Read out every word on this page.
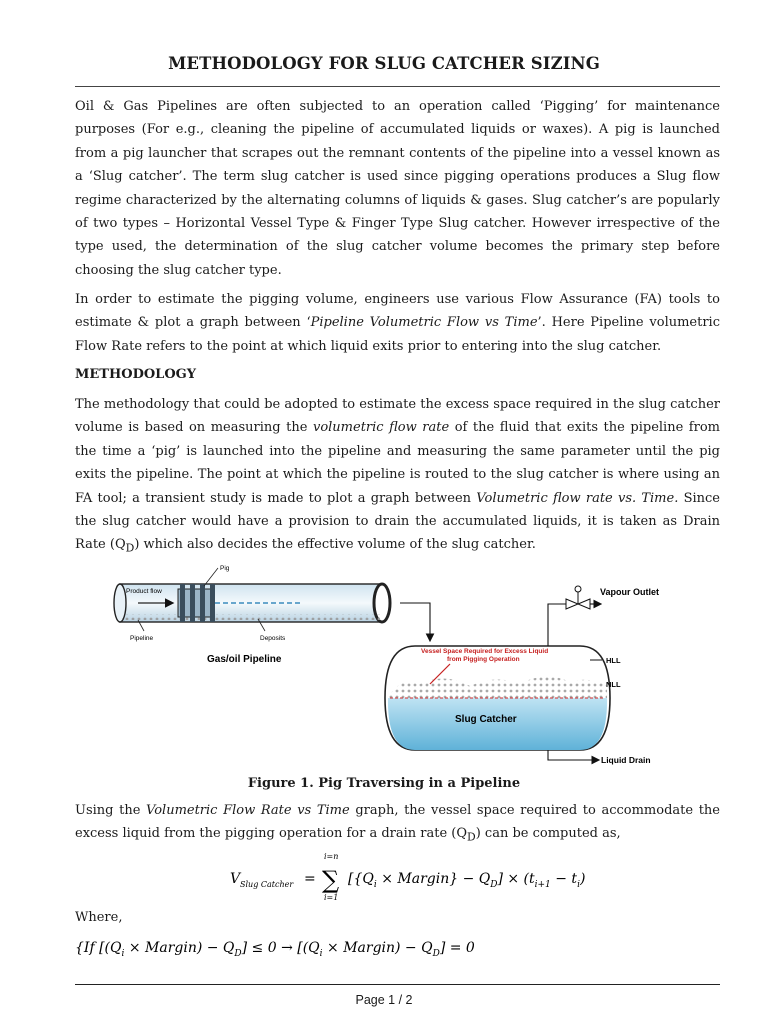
METHODOLOGY FOR SLUG CATCHER SIZING

Oil & Gas Pipelines are often subjected to an operation called ‘Pigging’ for maintenance purposes (For e.g., cleaning the pipeline of accumulated liquids or waxes). A pig is launched from a pig launcher that scrapes out the remnant contents of the pipeline into a vessel known as a ‘Slug catcher’. The term slug catcher is used since pigging operations produces a Slug flow regime characterized by the alternating columns of liquids & gases. Slug catcher’s are popularly of two types – Horizontal Vessel Type & Finger Type Slug catcher. However irrespective of the type used, the determination of the slug catcher volume becomes the primary step before choosing the slug catcher type.

In order to estimate the pigging volume, engineers use various Flow Assurance (FA) tools to estimate & plot a graph between ‘Pipeline Volumetric Flow vs Time’. Here Pipeline volumetric Flow Rate refers to the point at which liquid exits prior to entering into the slug catcher.

METHODOLOGY

The methodology that could be adopted to estimate the excess space required in the slug catcher volume is based on measuring the volumetric flow rate of the fluid that exits the pipeline from the time a ‘pig’ is launched into the pipeline and measuring the same parameter until the pig exits the pipeline. The point at which the pipeline is routed to the slug catcher is where using an FA tool; a transient study is made to plot a graph between Volumetric flow rate vs. Time. Since the slug catcher would have a provision to drain the accumulated liquids, it is taken as Drain Rate $(Q_D)$ which also decides the effective volume of the slug catcher.

Product flow
Pig
Pipeline	Deposits
Gas/oil Pipeline
Vessel Space Required for Excess Liquid
from Pigging Operation
Slug Catcher
HLL
NLL
Vapour Outlet
Liquid Drain
Figure 1. Pig Traversing in a Pipeline

Using the Volumetric Flow Rate vs Time graph, the vessel space required to accommodate the excess liquid from the pigging operation for a drain rate $(Q_D)$ can be computed as,

V Slug Catcher =
i=n
∑
i=1
[{$Q_i$ × Margin} − $Q_D] \times (t_{i+1} - t_i)$
Where,
{If [($Q_i$ × Margin) − $Q_D] \le 0 \to [(Q_i$ × Margin) − $Q_D] = 0$
Page 1 / 2
